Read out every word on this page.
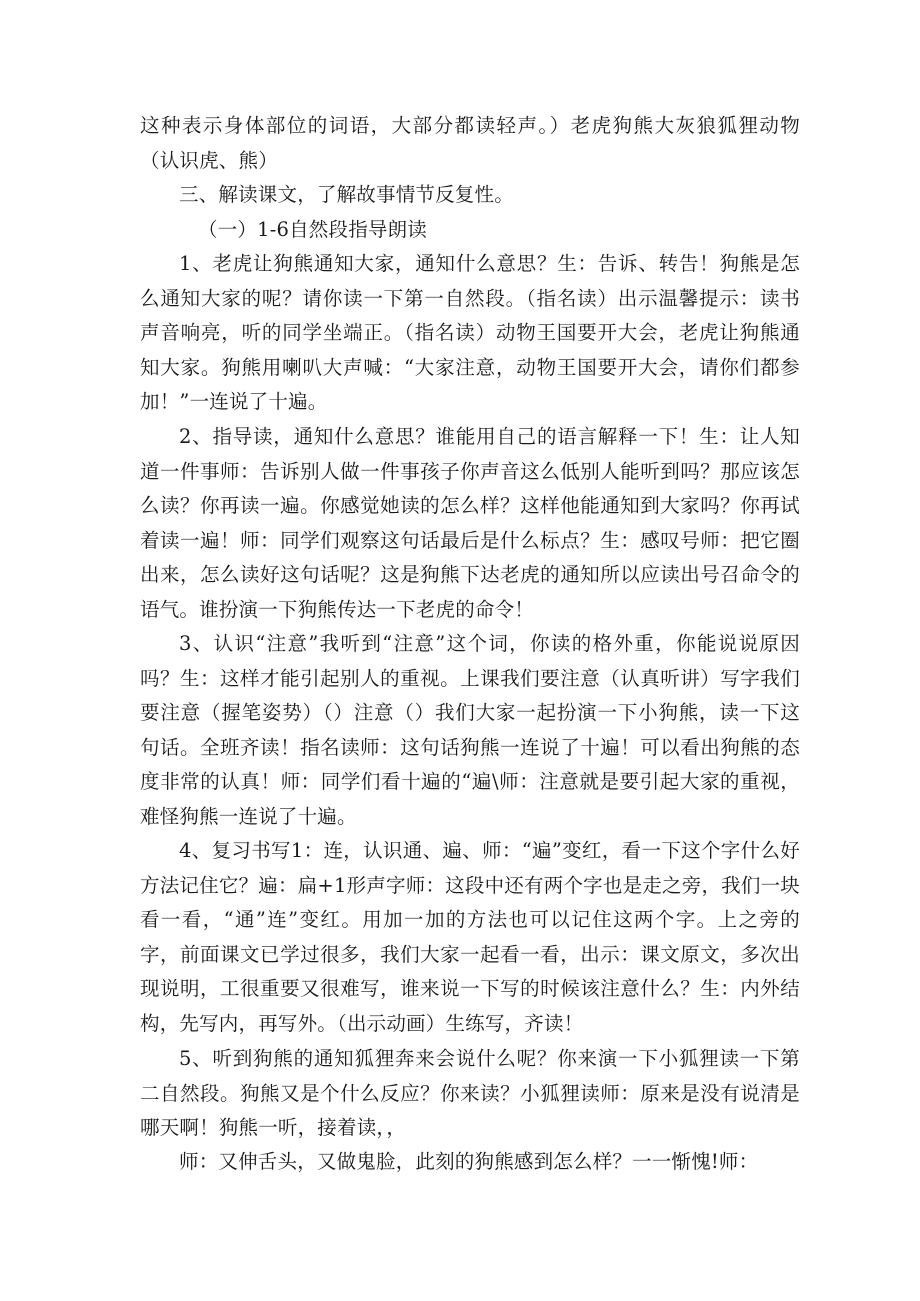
这种表示身体部位的词语，大部分都读轻声。）老虎狗熊大灰狼狐狸动物（认识虎、熊）

三、解读课文，了解故事情节反复性。

（一）1-6自然段指导朗读

1、老虎让狗熊通知大家，通知什么意思？生：告诉、转告！狗熊是怎么通知大家的呢？请你读一下第一自然段。（指名读）出示温馨提示：读书声音响亮，听的同学坐端正。（指名读）动物王国要开大会，老虎让狗熊通知大家。狗熊用喇叭大声喊：“大家注意，动物王国要开大会，请你们都参加！”一连说了十遍。

2、指导读，通知什么意思？谁能用自己的语言解释一下！生：让人知道一件事师：告诉别人做一件事孩子你声音这么低别人能听到吗？那应该怎么读？你再读一遍。你感觉她读的怎么样？这样他能通知到大家吗？你再试着读一遍！师：同学们观察这句话最后是什么标点？生：感叹号师：把它圈出来，怎么读好这句话呢？这是狗熊下达老虎的通知所以应读出号召命令的语气。谁扮演一下狗熊传达一下老虎的命令！

3、认识“注意”我听到“注意”这个词，你读的格外重，你能说说原因吗？生：这样才能引起别人的重视。上课我们要注意（认真听讲）写字我们要注意（握笔姿势）（）注意（）我们大家一起扮演一下小狗熊，读一下这句话。全班齐读！指名读师：这句话狗熊一连说了十遍！可以看出狗熊的态度非常的认真！师：同学们看十遍的“遍\师：注意就是要引起大家的重视，难怪狗熊一连说了十遍。

4、复习书写1：连，认识通、遍、师：“遍”变红，看一下这个字什么好方法记住它？遍：扁+1形声字师：这段中还有两个字也是走之旁，我们一块看一看，“通”连”变红。用加一加的方法也可以记住这两个字。上之旁的字，前面课文已学过很多，我们大家一起看一看，出示：课文原文，多次出现说明，工很重要又很难写，谁来说一下写的时候该注意什么？生：内外结构，先写内，再写外。（出示动画）生练写，齐读！

5、听到狗熊的通知狐狸奔来会说什么呢？你来演一下小狐狸读一下第二自然段。狗熊又是个什么反应？你来读？小狐狸读师：原来是没有说清是哪天啊！狗熊一听，接着读，，

师：又伸舌头，又做鬼脸，此刻的狗熊感到怎么样？一一惭愧!师：
